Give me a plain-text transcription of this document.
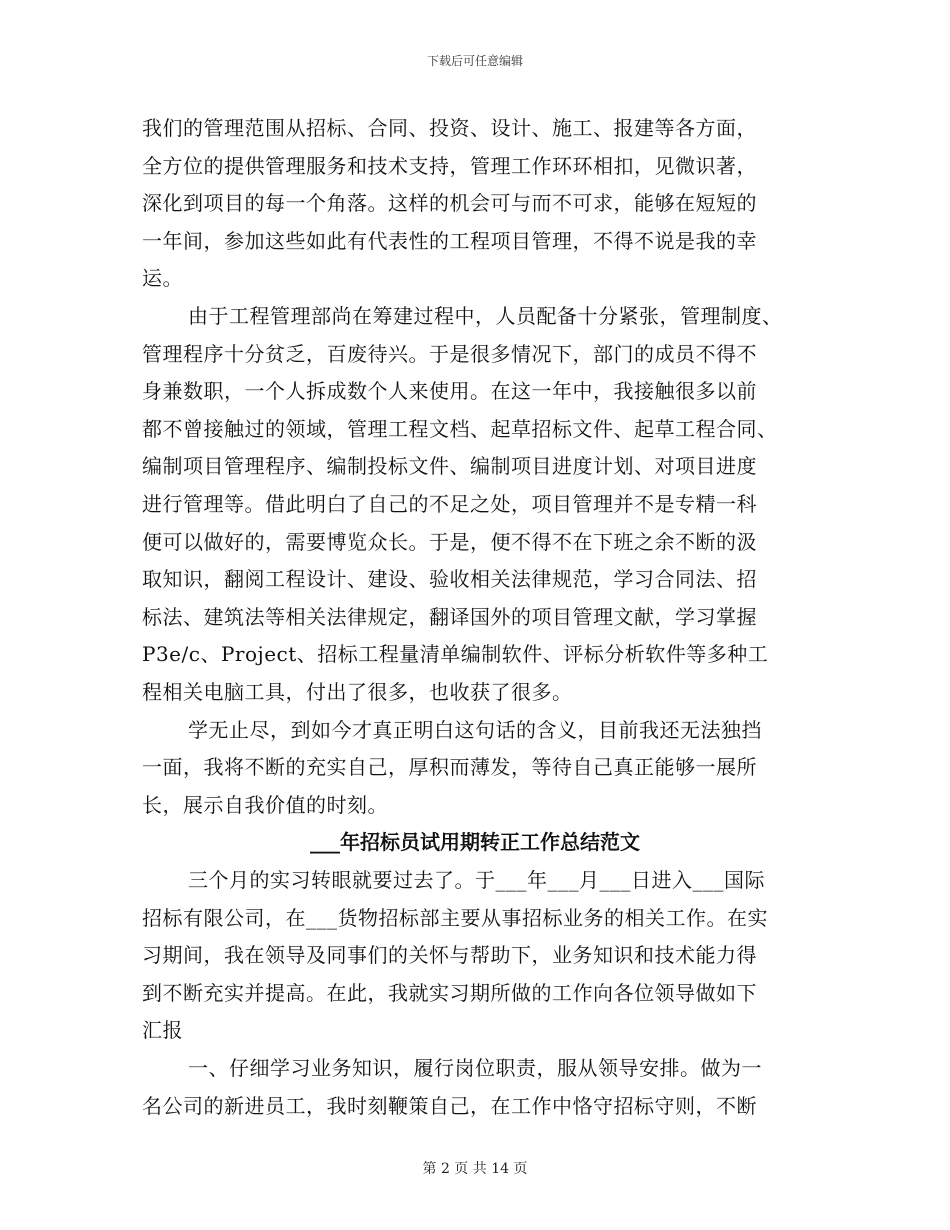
下载后可任意编辑
我们的管理范围从招标、合同、投资、设计、施工、报建等各方面，
全方位的提供管理服务和技术支持，管理工作环环相扣，见微识著，
深化到项目的每一个角落。这样的机会可与而不可求，能够在短短的
一年间，参加这些如此有代表性的工程项目管理，不得不说是我的幸
运。
由于工程管理部尚在筹建过程中，人员配备十分紧张，管理制度、
管理程序十分贫乏，百废待兴。于是很多情况下，部门的成员不得不
身兼数职，一个人拆成数个人来使用。在这一年中，我接触很多以前
都不曾接触过的领域，管理工程文档、起草招标文件、起草工程合同、
编制项目管理程序、编制投标文件、编制项目进度计划、对项目进度
进行管理等。借此明白了自己的不足之处，项目管理并不是专精一科
便可以做好的，需要博览众长。于是，便不得不在下班之余不断的汲
取知识，翻阅工程设计、建设、验收相关法律规范，学习合同法、招
标法、建筑法等相关法律规定，翻译国外的项目管理文献，学习掌握
P3e/c、Project、招标工程量清单编制软件、评标分析软件等多种工
程相关电脑工具，付出了很多，也收获了很多。
学无止尽，到如今才真正明白这句话的含义，目前我还无法独挡
一面，我将不断的充实自己，厚积而薄发，等待自己真正能够一展所
长，展示自我价值的时刻。
___年招标员试用期转正工作总结范文
三个月的实习转眼就要过去了。于___年___月___日进入___国际
招标有限公司，在___货物招标部主要从事招标业务的相关工作。在实
习期间，我在领导及同事们的关怀与帮助下，业务知识和技术能力得
到不断充实并提高。在此，我就实习期所做的工作向各位领导做如下
汇报
一、仔细学习业务知识，履行岗位职责，服从领导安排。做为一
名公司的新进员工，我时刻鞭策自己，在工作中恪守招标守则，不断
第 2 页 共 14 页
